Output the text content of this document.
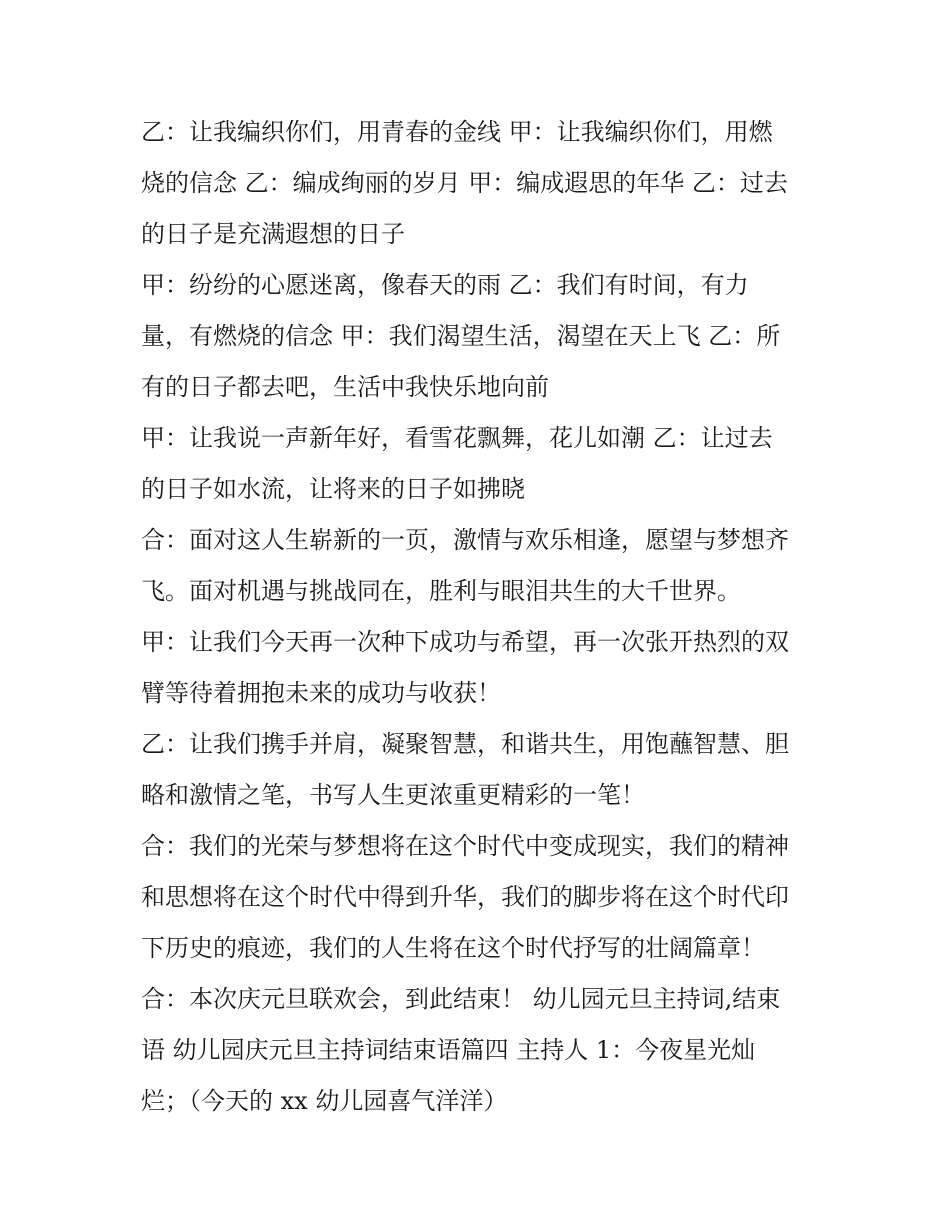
乙：让我编织你们，用青春的金线 甲：让我编织你们，用燃
烧的信念 乙：编成绚丽的岁月 甲：编成遐思的年华 乙：过去
的日子是充满遐想的日子
甲：纷纷的心愿迷离，像春天的雨 乙：我们有时间，有力
量，有燃烧的信念 甲：我们渴望生活，渴望在天上飞 乙：所
有的日子都去吧，生活中我快乐地向前
甲：让我说一声新年好，看雪花飘舞，花儿如潮 乙：让过去
的日子如水流，让将来的日子如拂晓
合：面对这人生崭新的一页，激情与欢乐相逢，愿望与梦想齐
飞。面对机遇与挑战同在，胜利与眼泪共生的大千世界。
甲：让我们今天再一次种下成功与希望，再一次张开热烈的双
臂等待着拥抱未来的成功与收获！
乙：让我们携手并肩，凝聚智慧，和谐共生，用饱蘸智慧、胆
略和激情之笔，书写人生更浓重更精彩的一笔！
合：我们的光荣与梦想将在这个时代中变成现实，我们的精神
和思想将在这个时代中得到升华，我们的脚步将在这个时代印
下历史的痕迹，我们的人生将在这个时代抒写的壮阔篇章！
合：本次庆元旦联欢会，到此结束！ 幼儿园元旦主持词,结束
语 幼儿园庆元旦主持词结束语篇四 主持人 1：今夜星光灿
烂；（今天的 xx 幼儿园喜气洋洋）
